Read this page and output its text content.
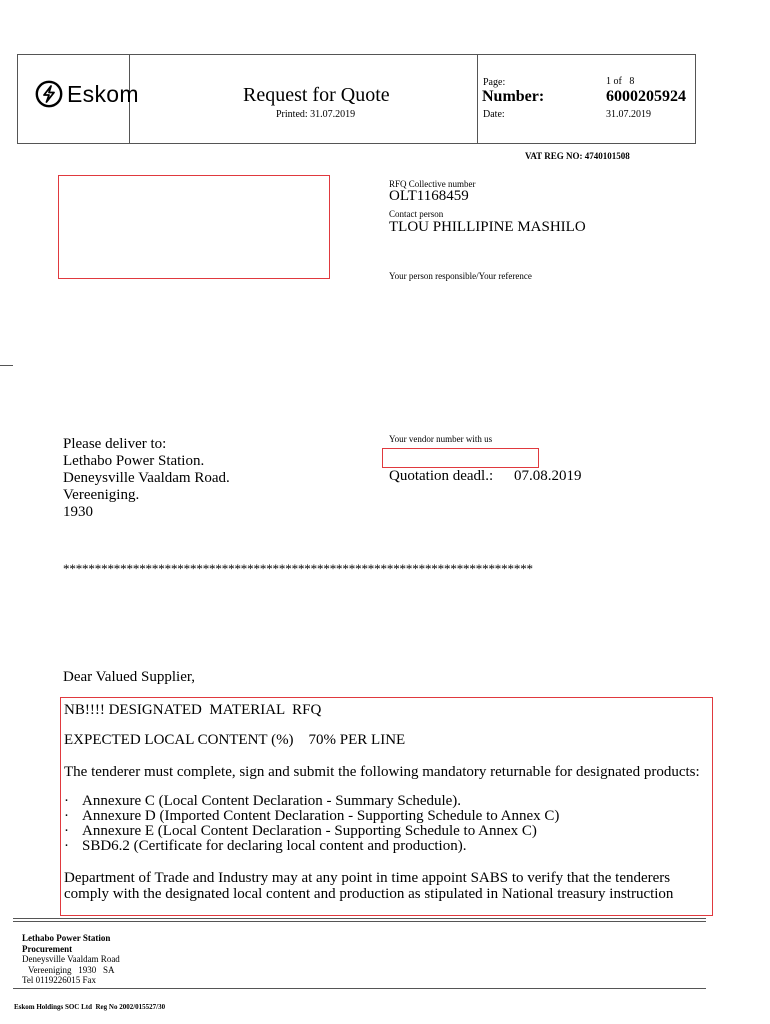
Eskom	Request for Quote
Printed: 31.07.2019
Page:	1 of   8
Number:	6000205924
Date:	31.07.2019
VAT REG NO: 4740101508
RFQ Collective number
OLT1168459
Contact person
TLOU PHILLIPINE MASHILO
Your person responsible/Your reference
Please deliver to:
Lethabo Power Station.
Deneysville Vaaldam Road.
Vereeniging.
1930
Your vendor number with us
Quotation deadl.: 07.08.2019
**************************************************************************
Dear Valued Supplier,
NB!!!! DESIGNATED  MATERIAL  RFQ
EXPECTED LOCAL CONTENT (%)    70% PER LINE
The tenderer must complete, sign and submit the following mandatory returnable for designated products:
· Annexure C (Local Content Declaration - Summary Schedule).
· Annexure D (Imported Content Declaration - Supporting Schedule to Annex C)
· Annexure E (Local Content Declaration - Supporting Schedule to Annex C)
· SBD6.2 (Certificate for declaring local content and production).
Department of Trade and Industry may at any point in time appoint SABS to verify that the tenderers
comply with the designated local content and production as stipulated in National treasury instruction
Lethabo Power Station
Procurement
Deneysville Vaaldam Road
Vereeniging   1930   SA
Tel 0119226015 Fax
Eskom Holdings SOC Ltd  Reg No 2002/015527/30
